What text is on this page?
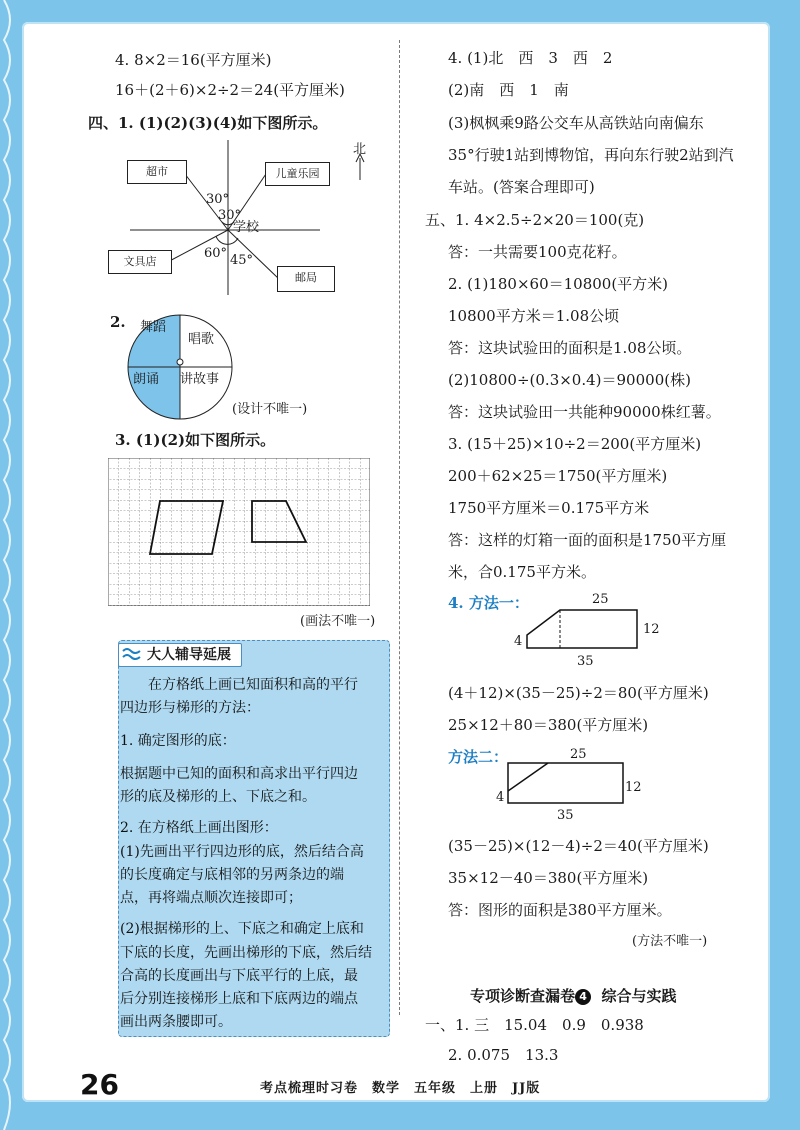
4. 8×2＝16(平方厘米)
16＋(2＋6)×2÷2＝24(平方厘米)
四、1. (1)(2)(3)(4)如下图所示。
北
超市	儿童乐园
学校
文具店
邮局
30°
30°
60° 45°
2. 舞蹈
唱歌
朗诵 讲故事
(设计不唯一)
3. (1)(2)如下图所示。
(画法不唯一)
大人辅导延展
在方格纸上画已知面积和高的平行
四边形与梯形的方法：
1. 确定图形的底：
根据题中已知的面积和高求出平行四边
形的底及梯形的上、下底之和。
2. 在方格纸上画出图形：
(1)先画出平行四边形的底，然后结合高
的长度确定与底相邻的另两条边的端
点，再将端点顺次连接即可；
(2)根据梯形的上、下底之和确定上底和
下底的长度，先画出梯形的下底，然后结
合高的长度画出与下底平行的上底，最
后分别连接梯形上底和下底两边的端点
画出两条腰即可。
4. (1)北　西　3　西　2
(2)南　西　1　南
(3)枫枫乘9路公交车从高铁站向南偏东
35°行驶1站到博物馆，再向东行驶2站到汽
车站。(答案合理即可)
五、1. 4×2.5÷2×20＝100(克)
答：一共需要100克花籽。
2. (1)180×60＝10800(平方米)
10800平方米＝1.08公顷
答：这块试验田的面积是1.08公顷。
(2)10800÷(0.3×0.4)＝90000(株)
答：这块试验田一共能种90000株红薯。
3. (15＋25)×10÷2＝200(平方厘米)
200＋62×25＝1750(平方厘米)
1750平方厘米＝0.175平方米
答：这样的灯箱一面的面积是1750平方厘
米，合0.175平方米。
4. 方法一：	25
4
12
35
(4＋12)×(35－25)÷2＝80(平方厘米)
25×12＋80＝380(平方厘米)
方法二：	25
4
12
35
(35－25)×(12－4)÷2＝40(平方厘米)
35×12－40＝380(平方厘米)
答：图形的面积是380平方厘米。
(方法不唯一)
专项诊断查漏卷 4 综合与实践
一、1. 三　15.04　0.9　0.938
2. 0.075　13.3
26	考点梳理时习卷　数学　五年级　上册　JJ版
